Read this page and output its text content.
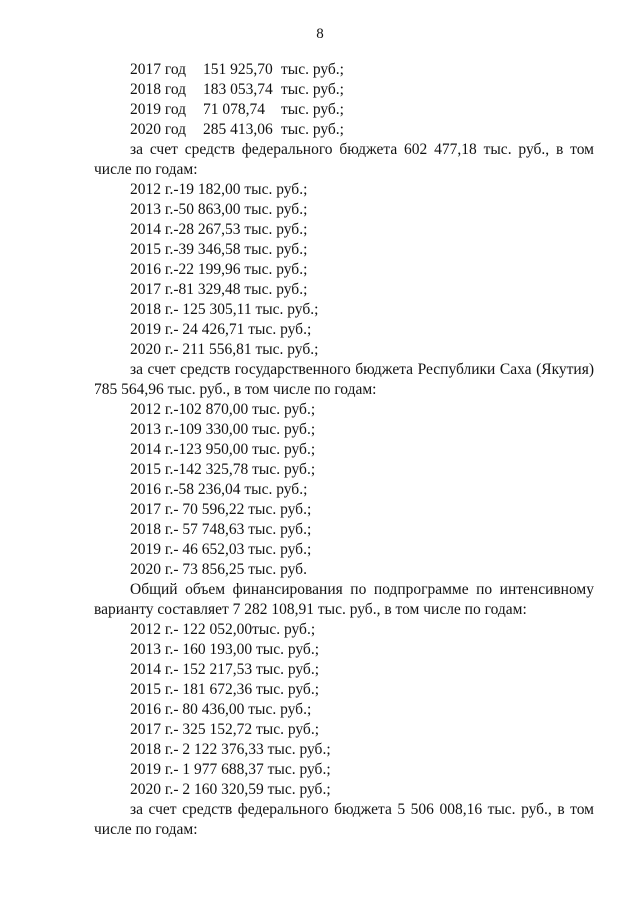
8
2017 год 151 925,70 тыс. руб.;
2018 год 183 053,74 тыс. руб.;
2019 год 71 078,74 тыс. руб.;
2020 год 285 413,06 тыс. руб.;
за счет средств федерального бюджета 602 477,18 тыс. руб., в том числе по годам:
2012 г.-19 182,00 тыс. руб.;
2013 г.-50 863,00 тыс. руб.;
2014 г.-28 267,53 тыс. руб.;
2015 г.-39 346,58 тыс. руб.;
2016 г.-22 199,96 тыс. руб.;
2017 г.-81 329,48 тыс. руб.;
2018 г.- 125 305,11 тыс. руб.;
2019 г.- 24 426,71 тыс. руб.;
2020 г.- 211 556,81 тыс. руб.;
за счет средств государственного бюджета Республики Саха (Якутия) 785 564,96 тыс. руб., в том числе по годам:
2012 г.-102 870,00 тыс. руб.;
2013 г.-109 330,00 тыс. руб.;
2014 г.-123 950,00 тыс. руб.;
2015 г.-142 325,78 тыс. руб.;
2016 г.-58 236,04 тыс. руб.;
2017 г.- 70 596,22 тыс. руб.;
2018 г.- 57 748,63 тыс. руб.;
2019 г.- 46 652,03 тыс. руб.;
2020 г.- 73 856,25 тыс. руб.
Общий объем финансирования по подпрограмме по интенсивному варианту составляет 7 282 108,91 тыс. руб., в том числе по годам:
2012 г.- 122 052,00тыс. руб.;
2013 г.- 160 193,00 тыс. руб.;
2014 г.- 152 217,53 тыс. руб.;
2015 г.- 181 672,36 тыс. руб.;
2016 г.- 80 436,00 тыс. руб.;
2017 г.- 325 152,72 тыс. руб.;
2018 г.- 2 122 376,33 тыс. руб.;
2019 г.- 1 977 688,37 тыс. руб.;
2020 г.- 2 160 320,59 тыс. руб.;
за счет средств федерального бюджета 5 506 008,16 тыс. руб., в том числе по годам:
